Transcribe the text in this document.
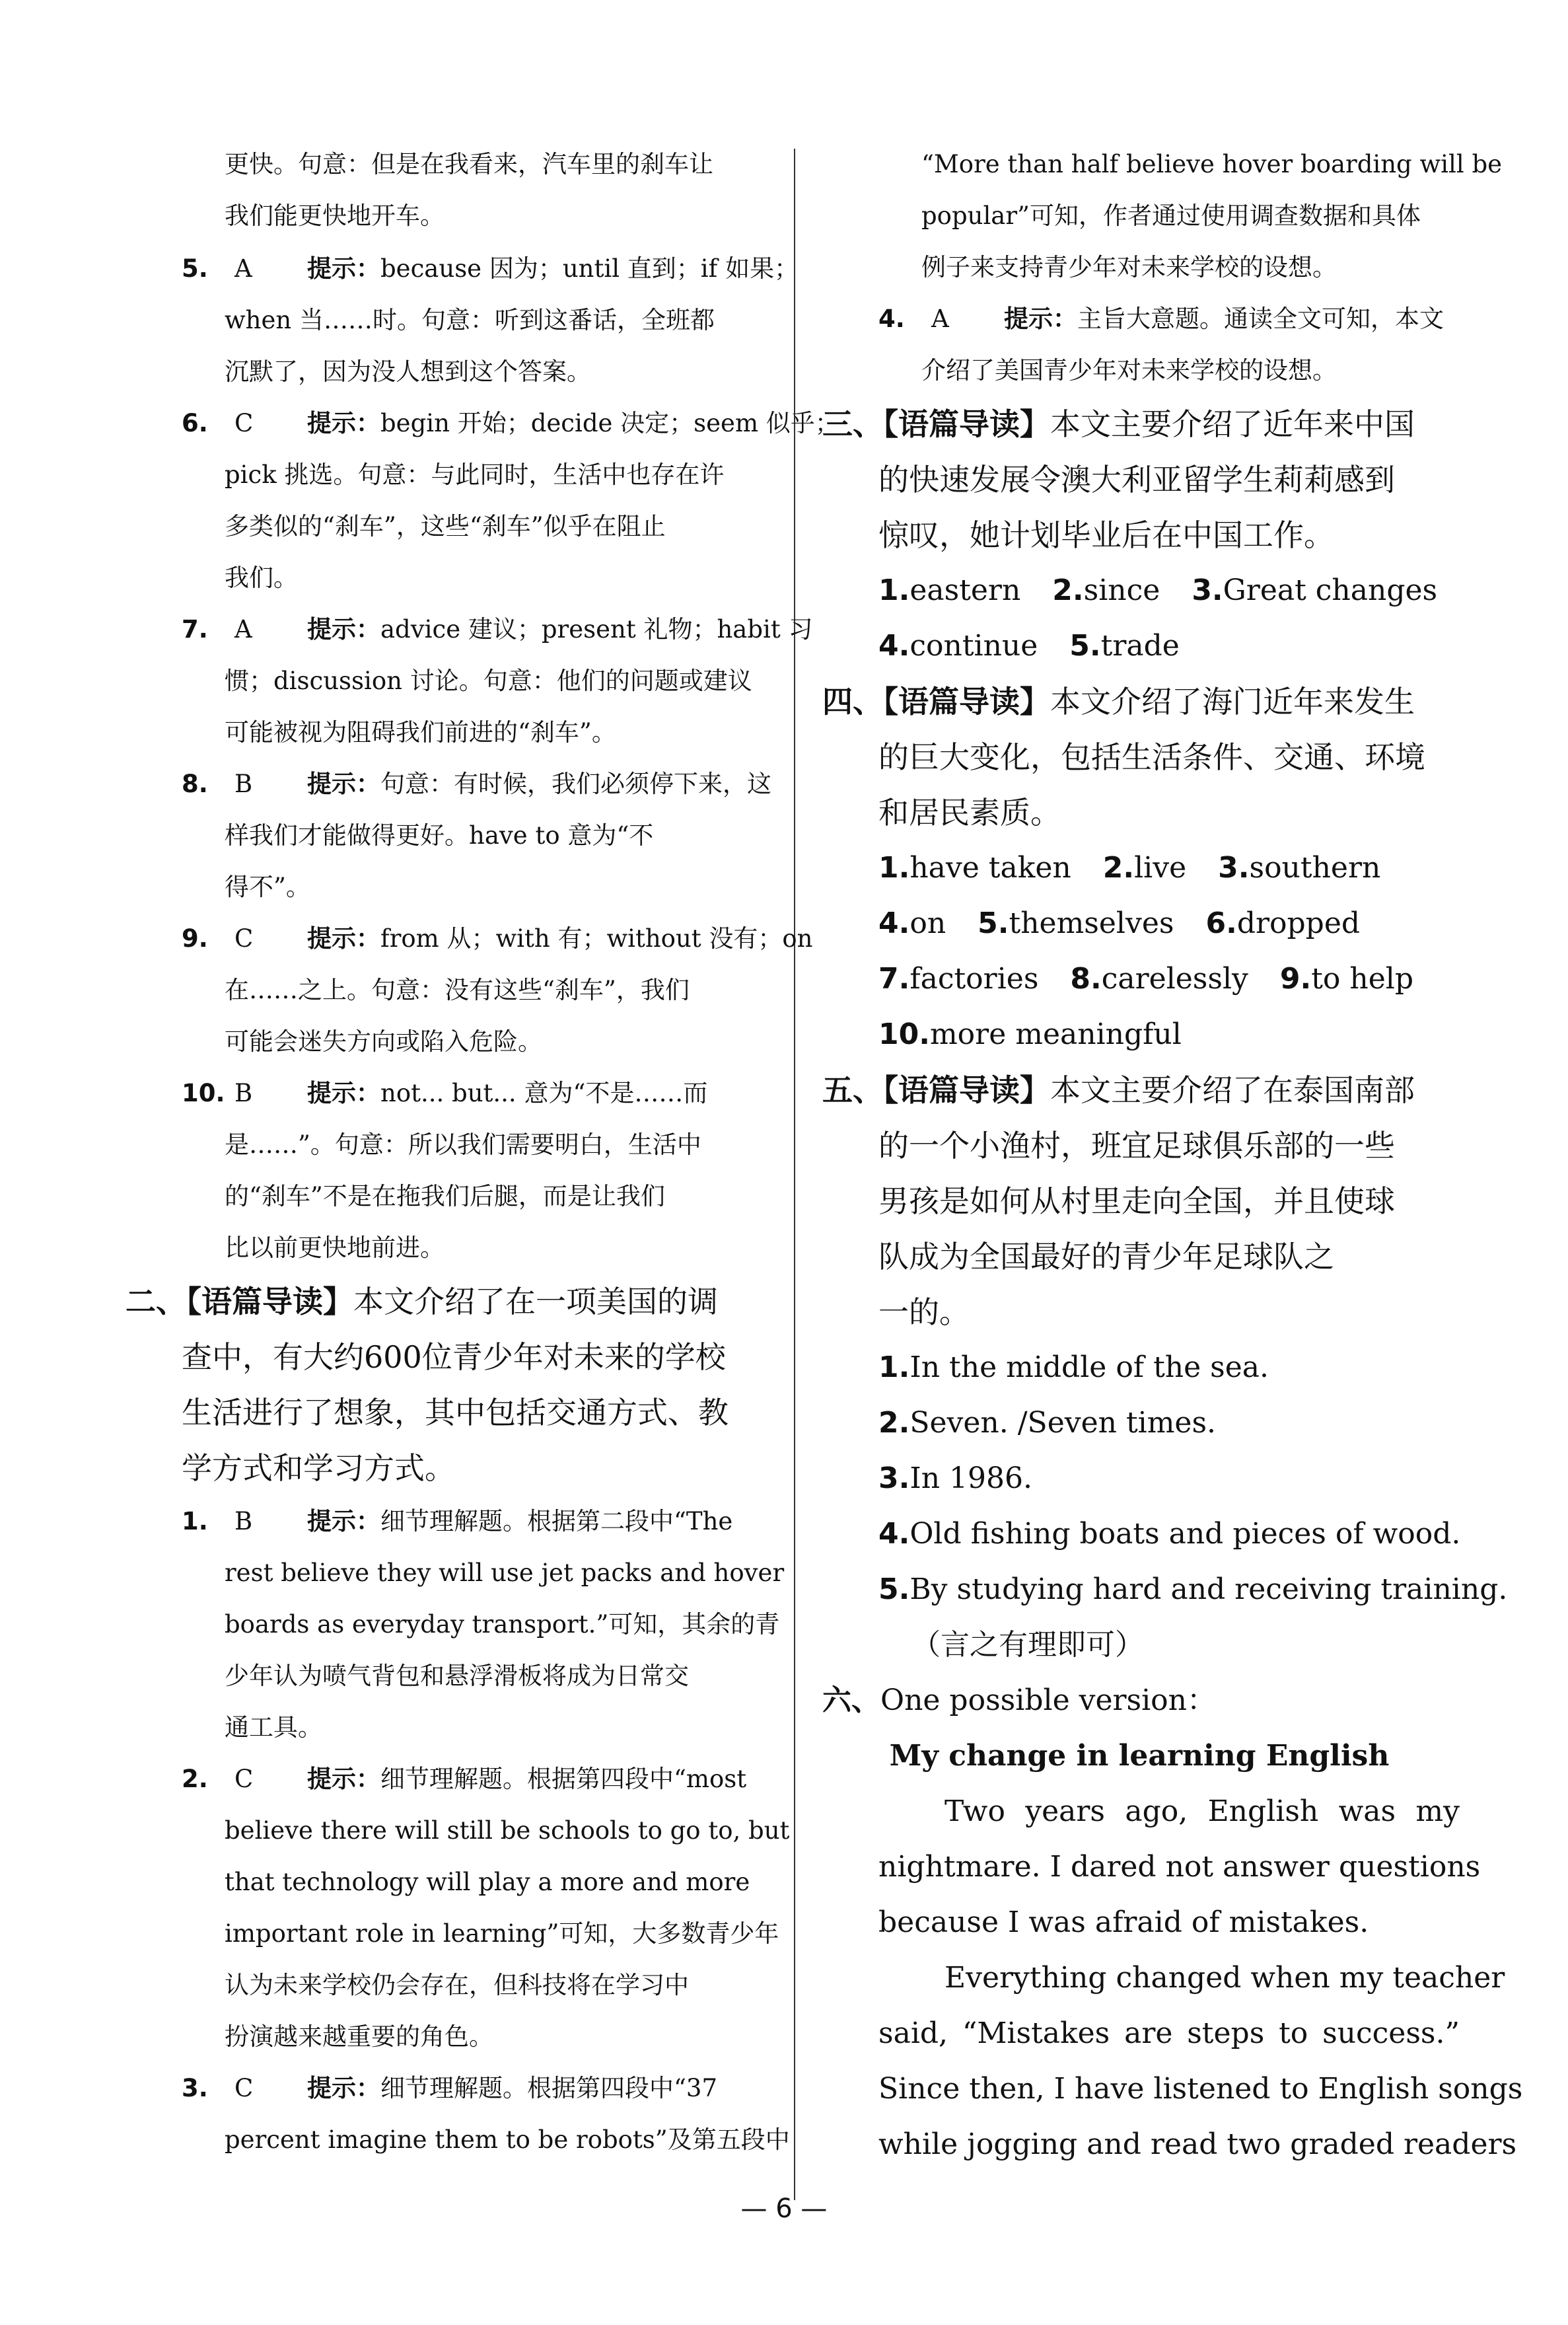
更快。句意：但是在我看来，汽车里的刹车让
我们能更快地开车。
5. A 提示：because 因为；until 直到；if 如果；
when 当……时。句意：听到这番话，全班都
沉默了，因为没人想到这个答案。
6. C 提示：begin 开始；decide 决定；seem 似乎；
pick 挑选。句意：与此同时，生活中也存在许
多类似的“刹车”，这些“刹车”似乎在阻止
我们。
7. A 提示：advice 建议；present 礼物；habit 习
惯；discussion 讨论。句意：他们的问题或建议
可能被视为阻碍我们前进的“刹车”。
8. B 提示：句意：有时候，我们必须停下来，这
样我们才能做得更好。have to 意为“不
得不”。
9. C 提示：from 从；with 有；without 没有；on
在……之上。句意：没有这些“刹车”，我们
可能会迷失方向或陷入危险。
10. B 提示：not... but... 意为“不是……而
是……”。句意：所以我们需要明白，生活中
的“刹车”不是在拖我们后腿，而是让我们
比以前更快地前进。
二、【语篇导读】本文介绍了在一项美国的调
查中，有大约600位青少年对未来的学校
生活进行了想象，其中包括交通方式、教
学方式和学习方式。
1. B 提示：细节理解题。根据第二段中“The
rest believe they will use jet packs and hover
boards as everyday transport.”可知，其余的青
少年认为喷气背包和悬浮滑板将成为日常交
通工具。
2. C 提示：细节理解题。根据第四段中“most
believe there will still be schools to go to, but
that technology will play a more and more
important role in learning”可知，大多数青少年
认为未来学校仍会存在，但科技将在学习中
扮演越来越重要的角色。
3. C 提示：细节理解题。根据第四段中“37
percent imagine them to be robots”及第五段中
“More than half believe hover boarding will be
popular”可知，作者通过使用调查数据和具体
例子来支持青少年对未来学校的设想。
4. A 提示：主旨大意题。通读全文可知，本文
介绍了美国青少年对未来学校的设想。
三、【语篇导读】本文主要介绍了近年来中国
的快速发展令澳大利亚留学生莉莉感到
惊叹，她计划毕业后在中国工作。
1.eastern 2.since 3.Great changes
4.continue 5.trade
四、【语篇导读】本文介绍了海门近年来发生
的巨大变化，包括生活条件、交通、环境
和居民素质。
1.have taken 2.live 3.southern
4.on 5.themselves 6.dropped
7.factories 8.carelessly 9.to help
10.more meaningful
五、【语篇导读】本文主要介绍了在泰国南部
的一个小渔村，班宜足球俱乐部的一些
男孩是如何从村里走向全国，并且使球
队成为全国最好的青少年足球队之
一的。
1.In the middle of the sea.
2.Seven. /Seven times.
3.In 1986.
4.Old fishing boats and pieces of wood.
5.By studying hard and receiving training.
（言之有理即可）
六、One possible version：
My change in learning English
Two years ago, English was my
nightmare. I dared not answer questions
because I was afraid of mistakes.
Everything changed when my teacher
said, “Mistakes are steps to success.”
Since then, I have listened to English songs
while jogging and read two graded readers
— 6 —
